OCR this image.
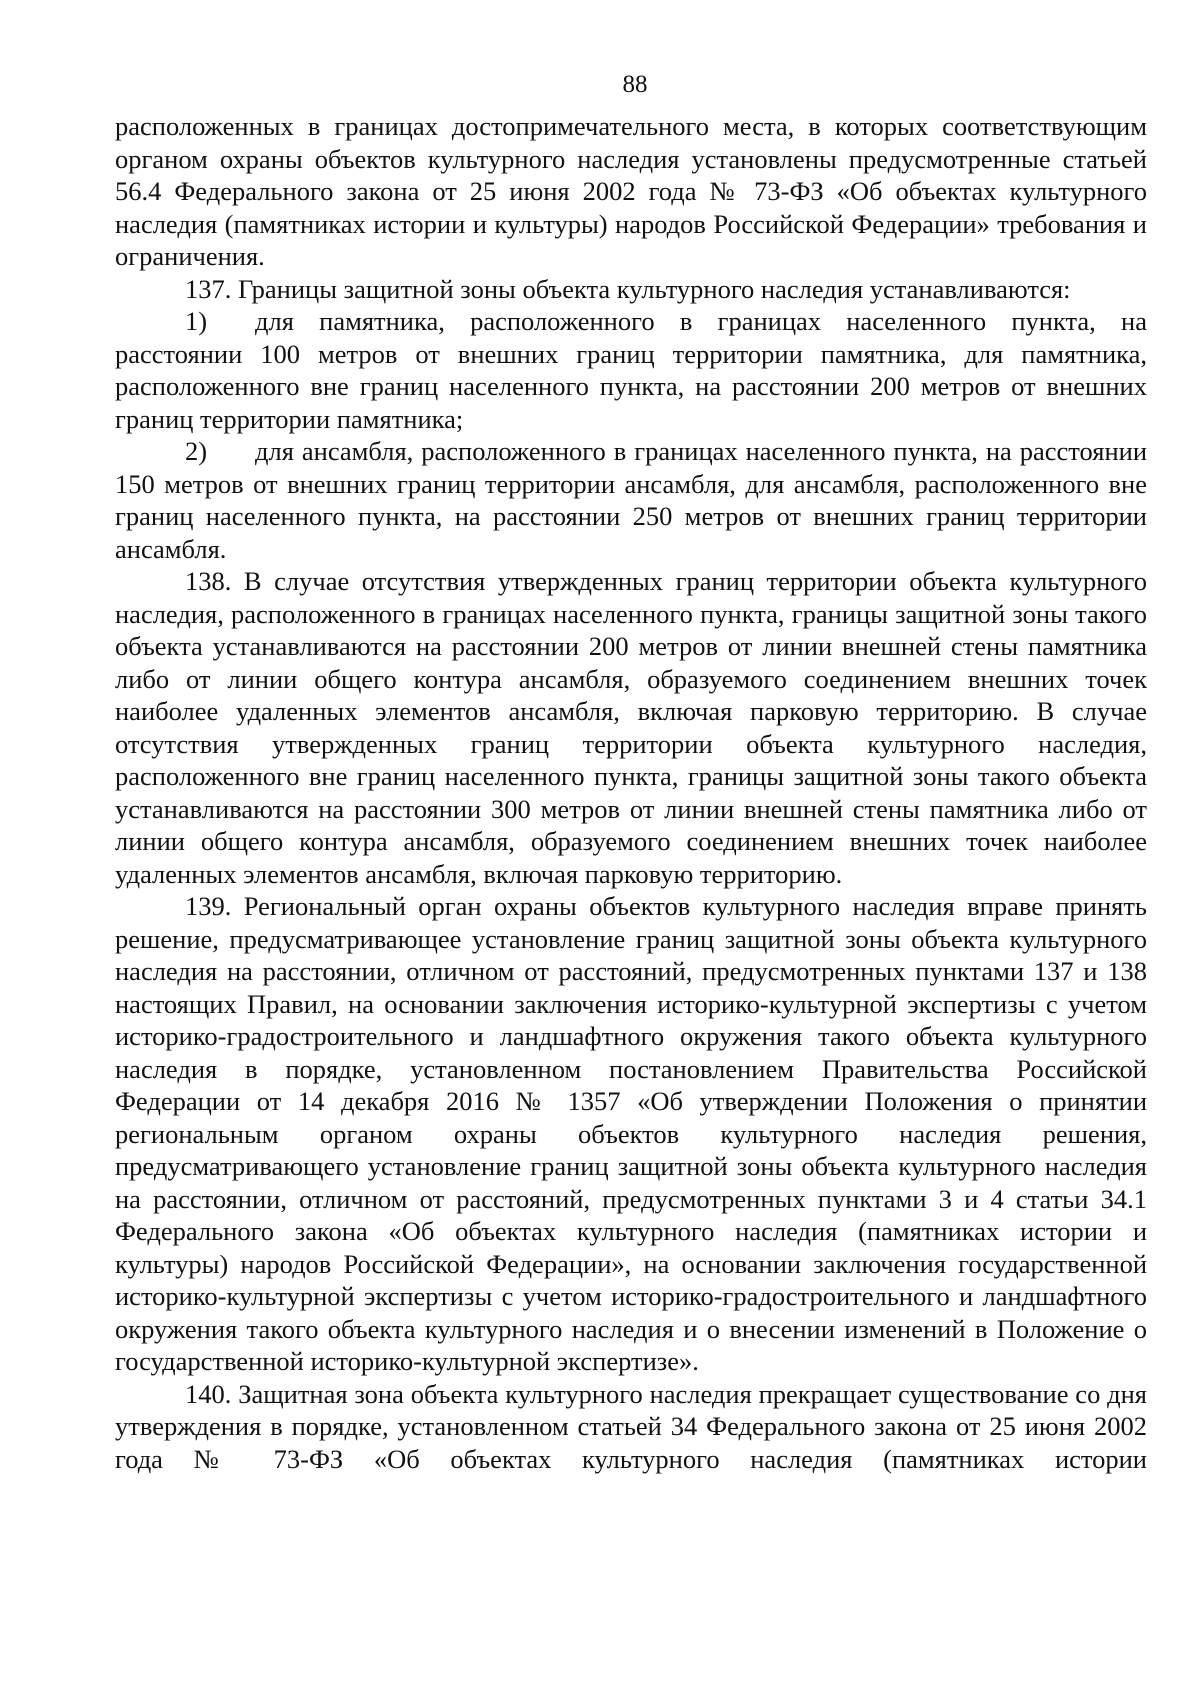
88

расположенных в границах достопримечательного места, в которых соответствующим органом охраны объектов культурного наследия установлены предусмотренные статьей 56.4 Федерального закона от 25 июня 2002 года № 73-ФЗ «Об объектах культурного наследия (памятниках истории и культуры) народов Российской Федерации» требования и ограничения.

137. Границы защитной зоны объекта культурного наследия устанавливаются:

1) для памятника, расположенного в границах населенного пункта, на расстоянии 100 метров от внешних границ территории памятника, для памятника, расположенного вне границ населенного пункта, на расстоянии 200 метров от внешних границ территории памятника;

2) для ансамбля, расположенного в границах населенного пункта, на расстоянии 150 метров от внешних границ территории ансамбля, для ансамбля, расположенного вне границ населенного пункта, на расстоянии 250 метров от внешних границ территории ансамбля.

138. В случае отсутствия утвержденных границ территории объекта культурного наследия, расположенного в границах населенного пункта, границы защитной зоны такого объекта устанавливаются на расстоянии 200 метров от линии внешней стены памятника либо от линии общего контура ансамбля, образуемого соединением внешних точек наиболее удаленных элементов ансамбля, включая парковую территорию. В случае отсутствия утвержденных границ территории объекта культурного наследия, расположенного вне границ населенного пункта, границы защитной зоны такого объекта устанавливаются на расстоянии 300 метров от линии внешней стены памятника либо от линии общего контура ансамбля, образуемого соединением внешних точек наиболее удаленных элементов ансамбля, включая парковую территорию.

139. Региональный орган охраны объектов культурного наследия вправе принять решение, предусматривающее установление границ защитной зоны объекта культурного наследия на расстоянии, отличном от расстояний, предусмотренных пунктами 137 и 138 настоящих Правил, на основании заключения историко-культурной экспертизы с учетом историко-градостроительного и ландшафтного окружения такого объекта культурного наследия в порядке, установленном постановлением Правительства Российской Федерации от 14 декабря 2016 № 1357 «Об утверждении Положения о принятии региональным органом охраны объектов культурного наследия решения, предусматривающего установление границ защитной зоны объекта культурного наследия на расстоянии, отличном от расстояний, предусмотренных пунктами 3 и 4 статьи 34.1 Федерального закона «Об объектах культурного наследия (памятниках истории и культуры) народов Российской Федерации», на основании заключения государственной историко-культурной экспертизы с учетом историко-градостроительного и ландшафтного окружения такого объекта культурного наследия и о внесении изменений в Положение о государственной историко-культурной экспертизе».

140. Защитная зона объекта культурного наследия прекращает существование со дня утверждения в порядке, установленном статьей 34 Федерального закона от 25 июня 2002 года № 73-ФЗ «Об объектах культурного наследия (памятниках истории
